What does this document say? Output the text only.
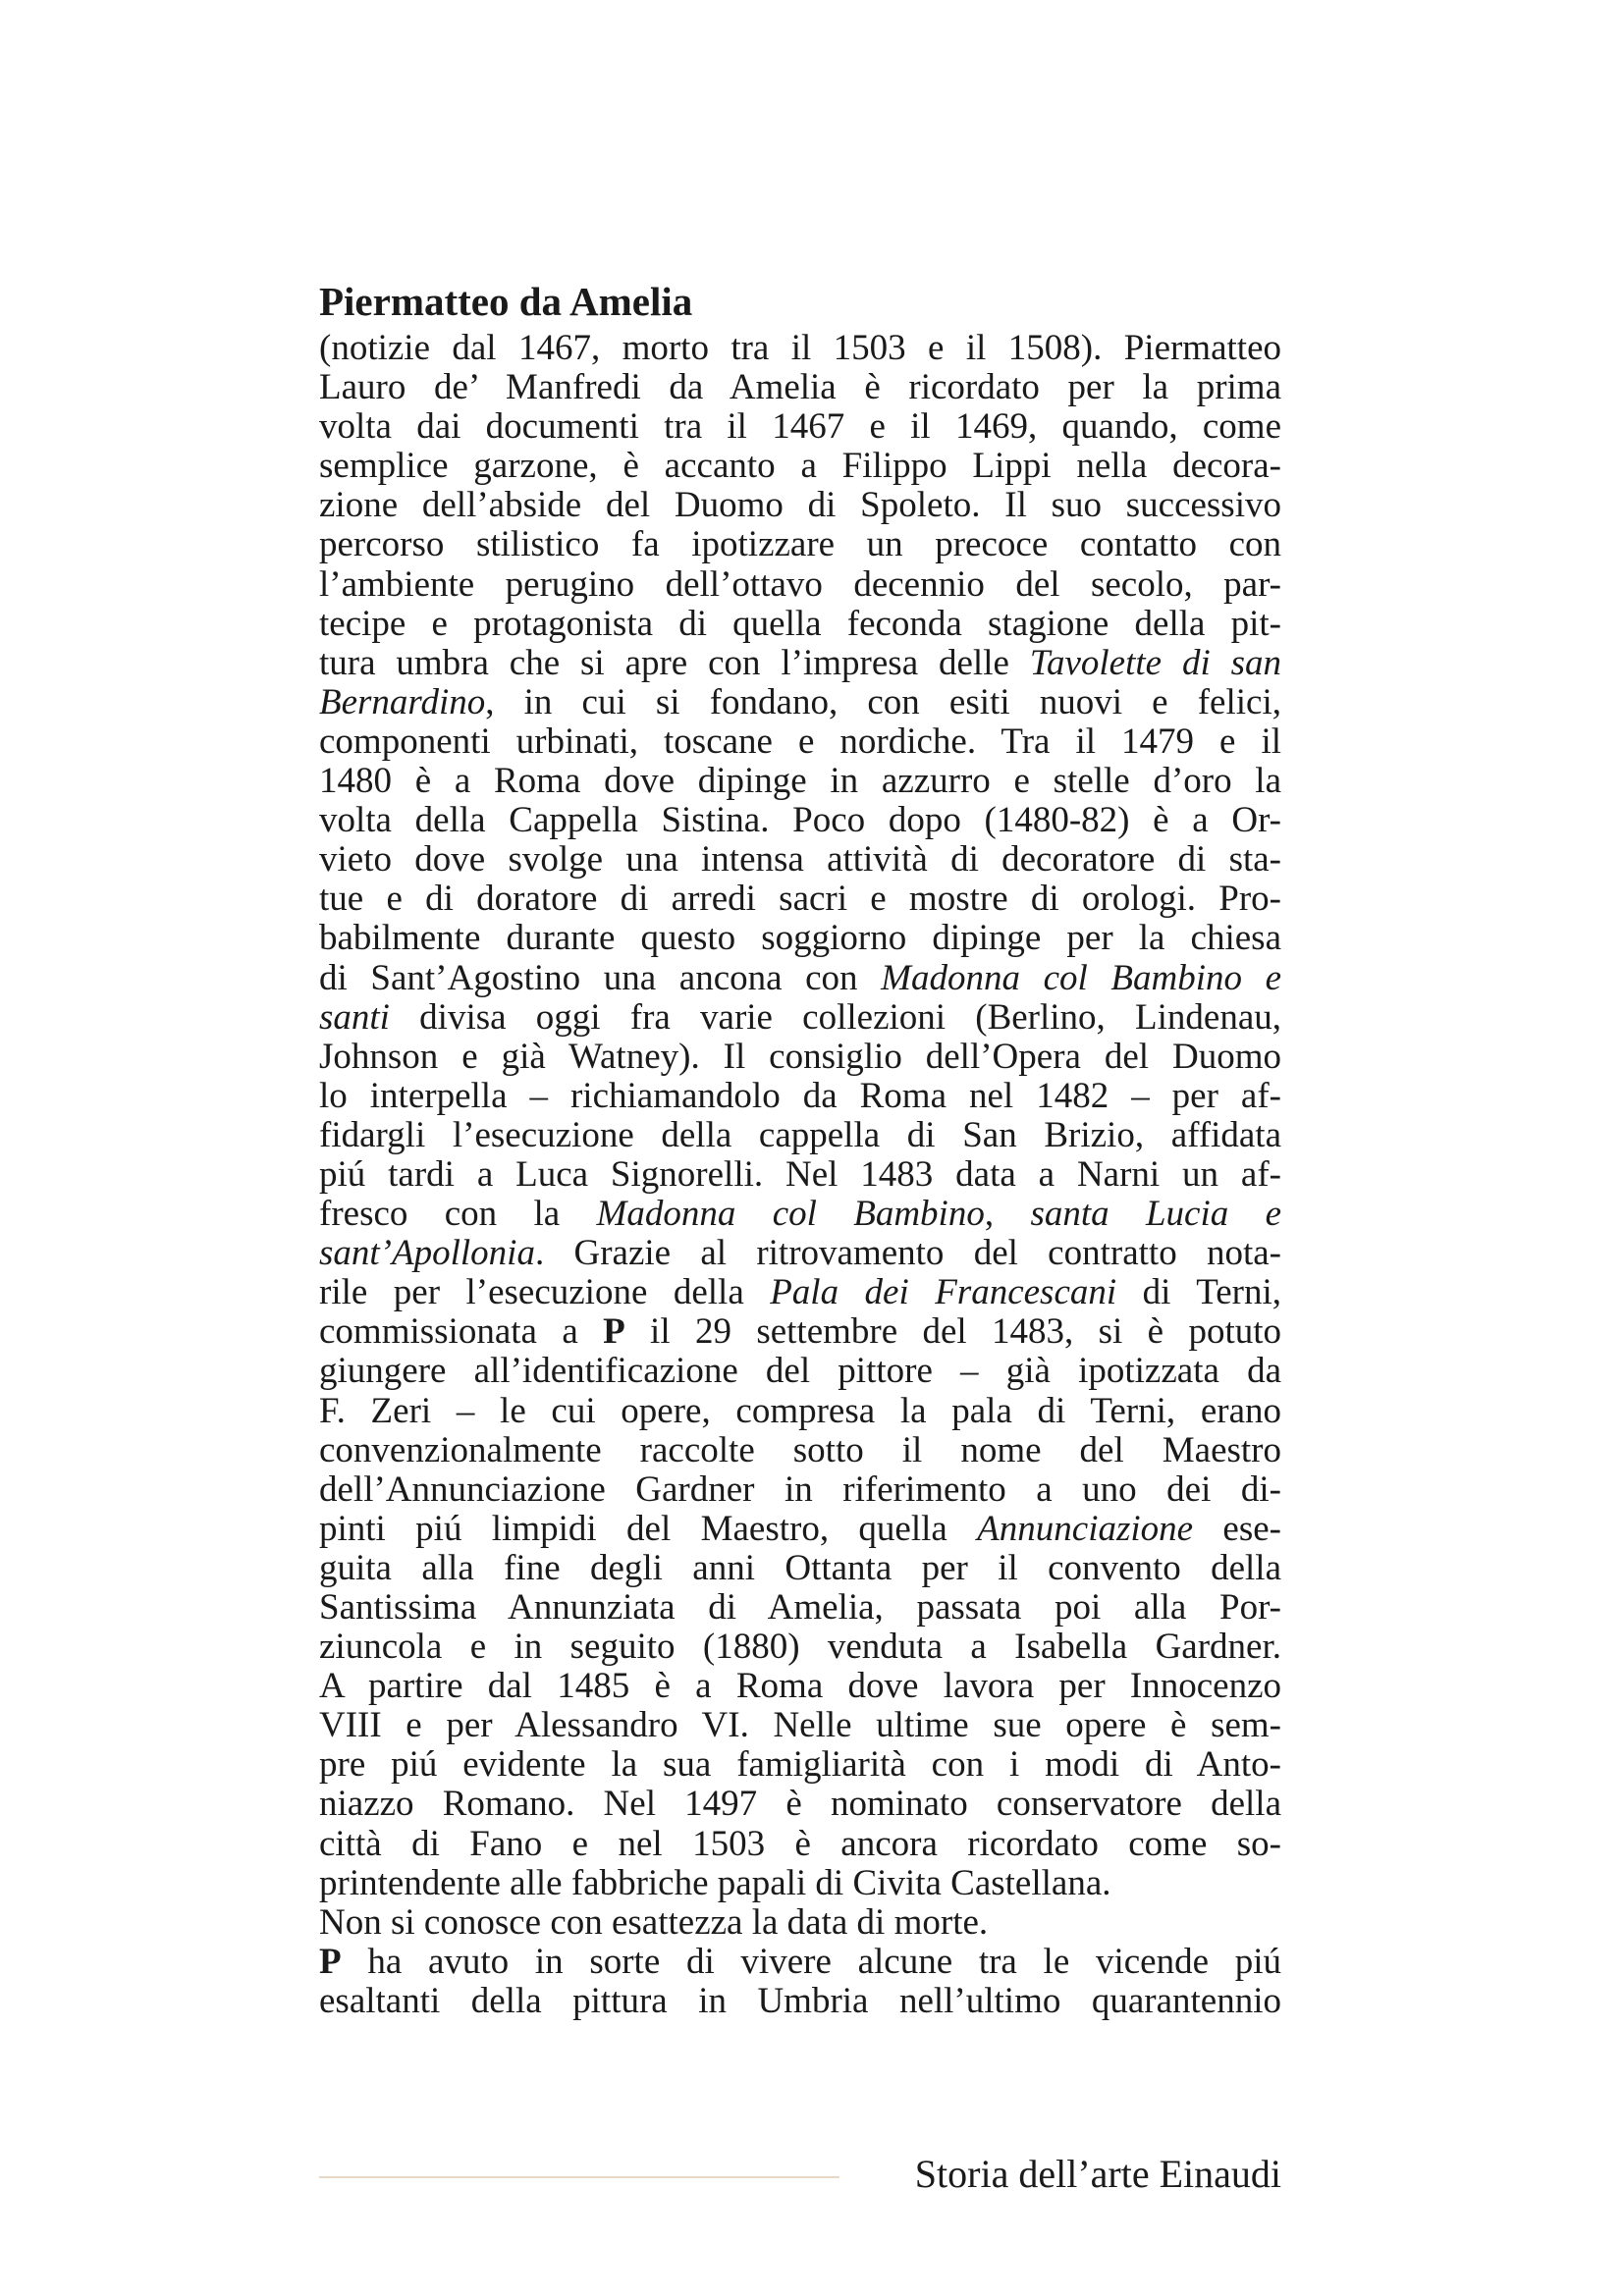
Piermatteo da Amelia
(notizie dal 1467, morto tra il 1503 e il 1508). Piermatteo
Lauro de’ Manfredi da Amelia è ricordato per la prima
volta dai documenti tra il 1467 e il 1469, quando, come
semplice garzone, è accanto a Filippo Lippi nella decora-
zione dell’abside del Duomo di Spoleto. Il suo successivo
percorso stilistico fa ipotizzare un precoce contatto con
l’ambiente perugino dell’ottavo decennio del secolo, par-
tecipe e protagonista di quella feconda stagione della pit-
tura umbra che si apre con l’impresa delle Tavolette di san
Bernardino, in cui si fondano, con esiti nuovi e felici,
componenti urbinati, toscane e nordiche. Tra il 1479 e il
1480 è a Roma dove dipinge in azzurro e stelle d’oro la
volta della Cappella Sistina. Poco dopo (1480-82) è a Or-
vieto dove svolge una intensa attività di decoratore di sta-
tue e di doratore di arredi sacri e mostre di orologi. Pro-
babilmente durante questo soggiorno dipinge per la chiesa
di Sant’Agostino una ancona con Madonna col Bambino e
santi divisa oggi fra varie collezioni (Berlino, Lindenau,
Johnson e già Watney). Il consiglio dell’Opera del Duomo
lo interpella – richiamandolo da Roma nel 1482 – per af-
fidargli l’esecuzione della cappella di San Brizio, affidata
piú tardi a Luca Signorelli. Nel 1483 data a Narni un af-
fresco con la Madonna col Bambino, santa Lucia e
sant’Apollonia. Grazie al ritrovamento del contratto nota-
rile per l’esecuzione della Pala dei Francescani di Terni,
commissionata a P il 29 settembre del 1483, si è potuto
giungere all’identificazione del pittore – già ipotizzata da
F. Zeri – le cui opere, compresa la pala di Terni, erano
convenzionalmente raccolte sotto il nome del Maestro
dell’Annunciazione Gardner in riferimento a uno dei di-
pinti piú limpidi del Maestro, quella Annunciazione ese-
guita alla fine degli anni Ottanta per il convento della
Santissima Annunziata di Amelia, passata poi alla Por-
ziuncola e in seguito (1880) venduta a Isabella Gardner.
A partire dal 1485 è a Roma dove lavora per Innocenzo
VIII e per Alessandro VI. Nelle ultime sue opere è sem-
pre piú evidente la sua famigliarità con i modi di Anto-
niazzo Romano. Nel 1497 è nominato conservatore della
città di Fano e nel 1503 è ancora ricordato come so-
printendente alle fabbriche papali di Civita Castellana.
Non si conosce con esattezza la data di morte.
P ha avuto in sorte di vivere alcune tra le vicende piú
esaltanti della pittura in Umbria nell’ultimo quarantennio
Storia dell’arte Einaudi
